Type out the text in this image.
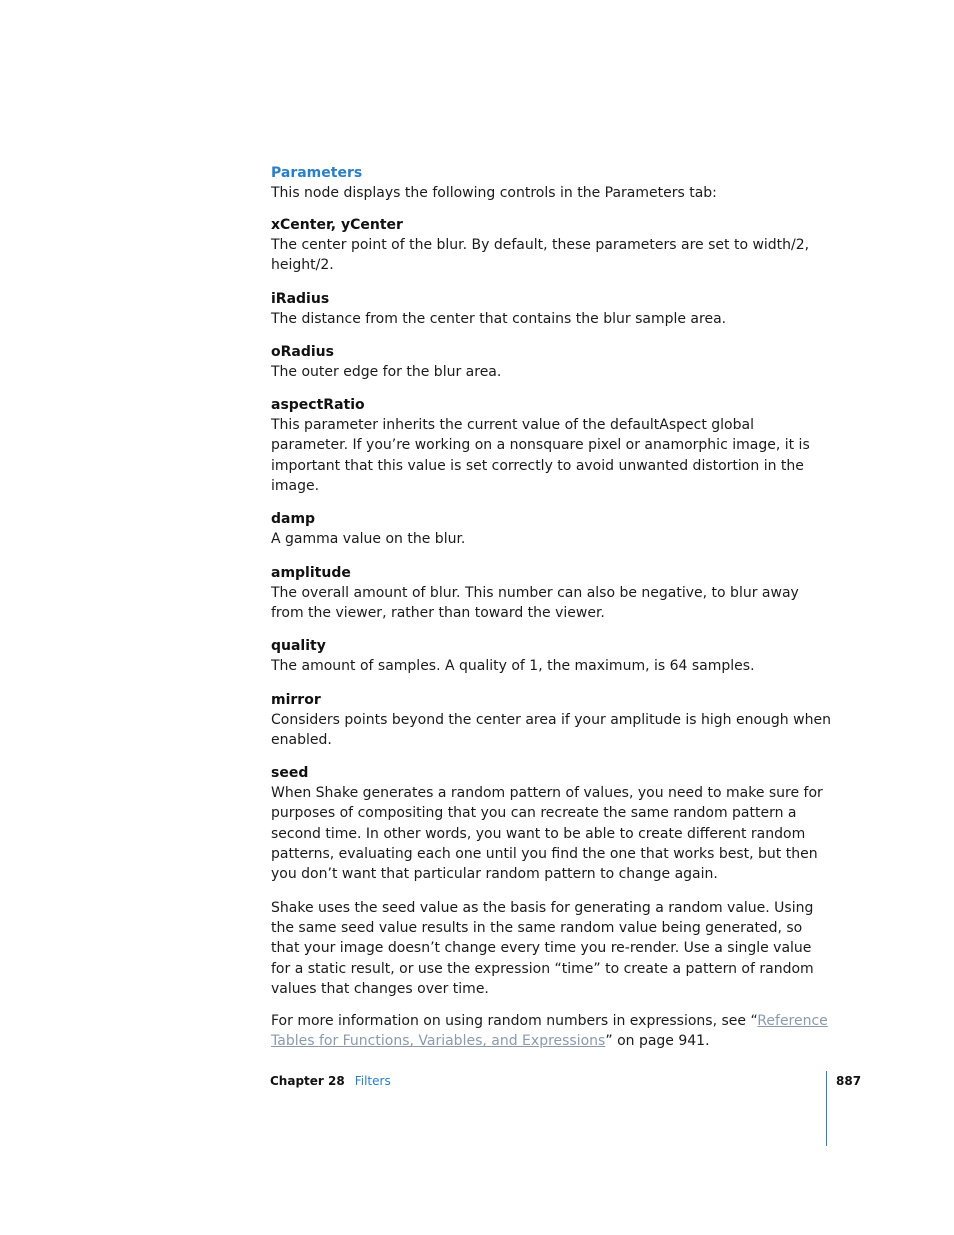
Parameters

This node displays the following controls in the Parameters tab:

xCenter, yCenter

The center point of the blur. By default, these parameters are set to width/2, height/2.

iRadius

The distance from the center that contains the blur sample area.

oRadius

The outer edge for the blur area.

aspectRatio

This parameter inherits the current value of the defaultAspect global parameter. If you’re working on a nonsquare pixel or anamorphic image, it is important that this value is set correctly to avoid unwanted distortion in the image.

damp

A gamma value on the blur.

amplitude

The overall amount of blur. This number can also be negative, to blur away from the viewer, rather than toward the viewer.

quality

The amount of samples. A quality of 1, the maximum, is 64 samples.

mirror

Considers points beyond the center area if your amplitude is high enough when enabled.

seed

When Shake generates a random pattern of values, you need to make sure for purposes of compositing that you can recreate the same random pattern a second time. In other words, you want to be able to create different random patterns, evaluating each one until you find the one that works best, but then you don’t want that particular random pattern to change again.

Shake uses the seed value as the basis for generating a random value. Using the same seed value results in the same random value being generated, so that your image doesn’t change every time you re-render. Use a single value for a static result, or use the expression “time” to create a pattern of random values that changes over time.

For more information on using random numbers in expressions, see “Reference Tables for Functions, Variables, and Expressions” on page 941.

Chapter 28 Filters	887
